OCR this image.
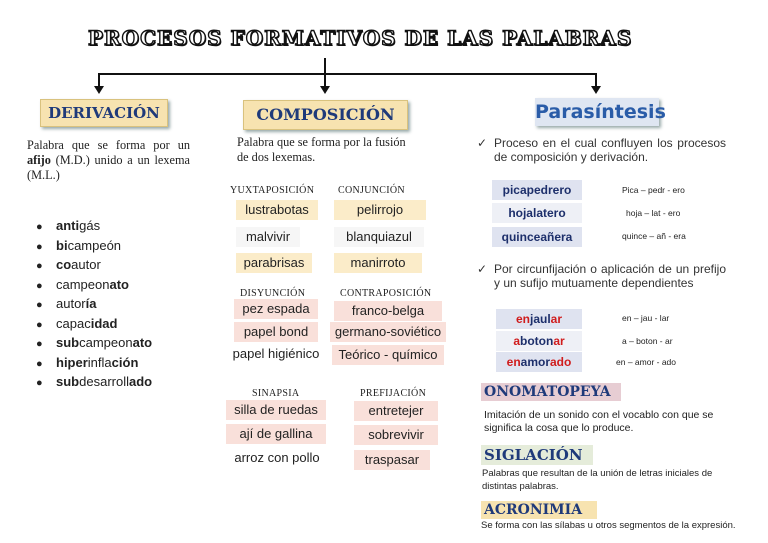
PROCESOS FORMATIVOS DE LAS PALABRAS
DERIVACIÓN
Palabra que se forma por un afijo (M.D.) unido a un lexema (M.L.)
● antigás
● bicampeón
● coautor
● campeonato
● autoría
● capacidad
● subcampeonato
● hiperinflación
● subdesarrollado
COMPOSICIÓN
Palabra que se forma por la fusión de dos lexemas.
YUXTAPOSICIÓN CONJUNCIÓN
lustrabotas
malvivir
parabrisas
pelirrojo
blanquiazul
manirroto
DISYUNCIÓN	CONTRAPOSICIÓN
pez espada
papel bond
papel higiénico
franco-belga
germano-soviético
Teórico - químico
SINAPSIA	PREFIJACIÓN
silla de ruedas
ají de gallina
arroz con pollo
entretejer
sobrevivir
traspasar
Parasíntesis
✓ Proceso en el cual confluyen los procesos de composición y derivación.
picapedrero	Pica – pedr - ero
hojalatero	hoja – lat - ero
quinceañera	quince – añ - era
✓ Por circunfijación o aplicación de un prefijo y un sufijo mutuamente dependientes
enjaular	en – jau - lar
abotonar	a – boton - ar
enamorado	en – amor - ado
ONOMATOPEYA
Imitación de un sonido con el vocablo con que se significa la cosa que lo produce.
SIGLACIÓN
Palabras que resultan de la unión de letras iniciales de distintas palabras.
ACRONIMIA
Se forma con las sílabas u otros segmentos de la expresión.
